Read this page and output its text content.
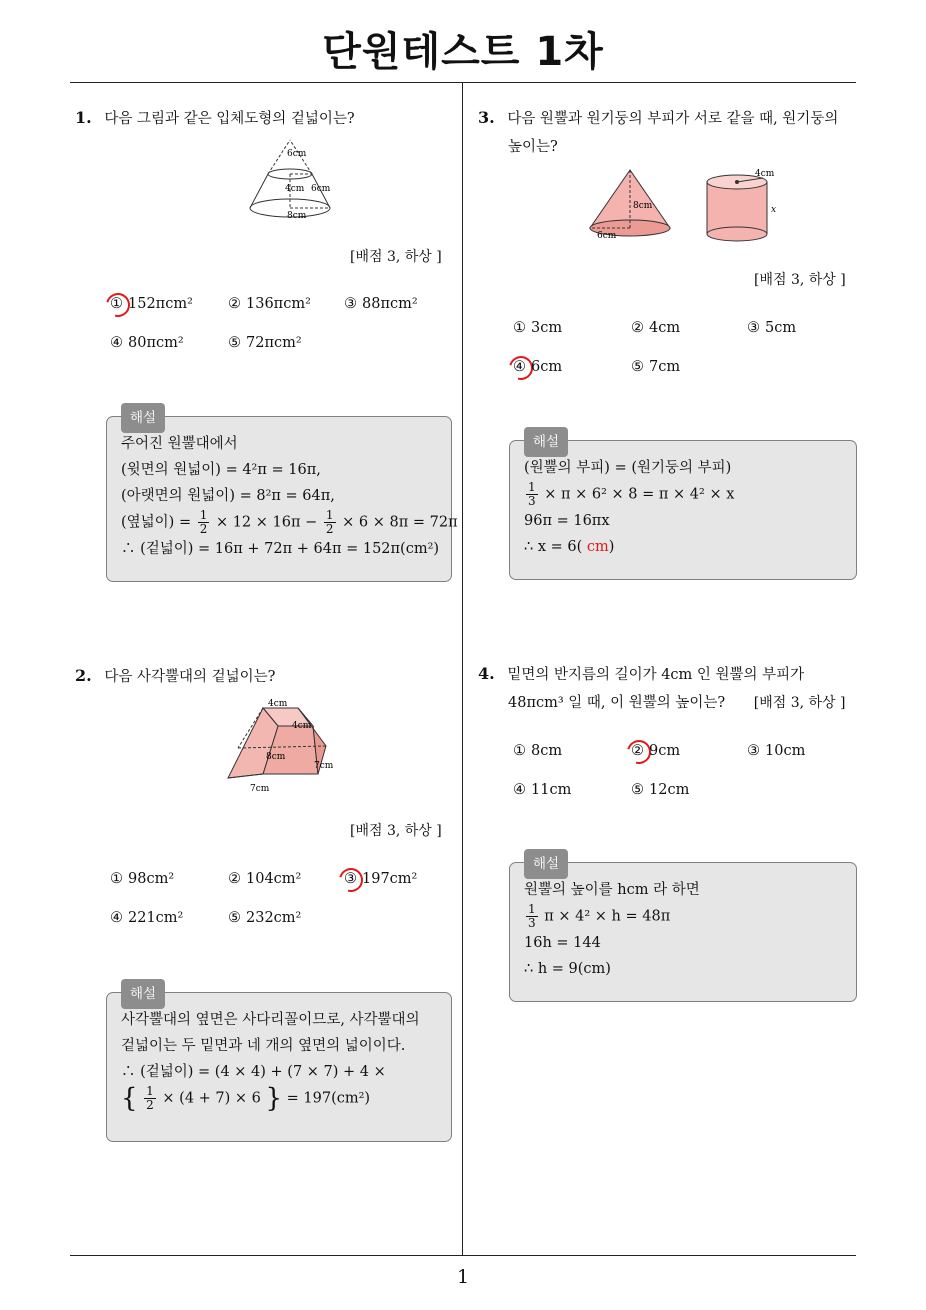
단원테스트 1차
1. 다음 그림과 같은 입체도형의 겉넓이는?
6cm
4cm 6cm
8cm
[배점 3, 하상 ]
① 152πcm² ② 136πcm² ③ 88πcm²
④ 80πcm²	⑤ 72πcm²
해설
주어진 원뿔대에서
(윗면의 원넓이) = 4²π = 16π,
(아랫면의 원넓이) = 8²π = 64π,
(옆넓이) = $\frac{1}{2} \times 12 \times 16\pi - \frac{1}{2} \times 6 \times 8\pi = 72\pi$
∴ (겉넓이) = 16π + 72π + 64π = 152π(cm²)
2. 다음 사각뿔대의 겉넓이는?
4cm
4cm
8cm
7cm
7cm
[배점 3, 하상 ]
① 98cm²	② 104cm²	③ 197cm²
④ 221cm²	⑤ 232cm²
해설
사각뿔대의 옆면은 사다리꼴이므로, 사각뿔대의
겉넓이는 두 밑면과 네 개의 옆면의 넓이이다.
∴ (겉넓이) = (4 × 4) + (7 × 7) + 4 ×
{ $\frac{1}{2} \times (4 + 7) \times 6$ } = 197(cm²)
3. 다음 원뿔과 원기둥의 부피가 서로 같을 때, 원기둥의
높이는?
8cm
6cm
4cm
x
[배점 3, 하상 ]
① 3cm	② 4cm	③ 5cm
④ 6cm	⑤ 7cm
해설
(원뿔의 부피) = (원기둥의 부피)
$\frac{1}{3} \times \pi \times 6^2 \times 8 = \pi \times 4^2 \times x$
96π = 16πx
∴ x = 6( cm)
4. 밑면의 반지름의 길이가 4cm 인 원뿔의 부피가
48πcm³ 일 때, 이 원뿔의 높이는? [배점 3, 하상 ]
① 8cm	② 9cm	③ 10cm
④ 11cm	⑤ 12cm
해설
원뿔의 높이를 hcm 라 하면
$\frac{1}{3}$ π × 4² × h = 48π
16h = 144
∴ h = 9(cm)
1
